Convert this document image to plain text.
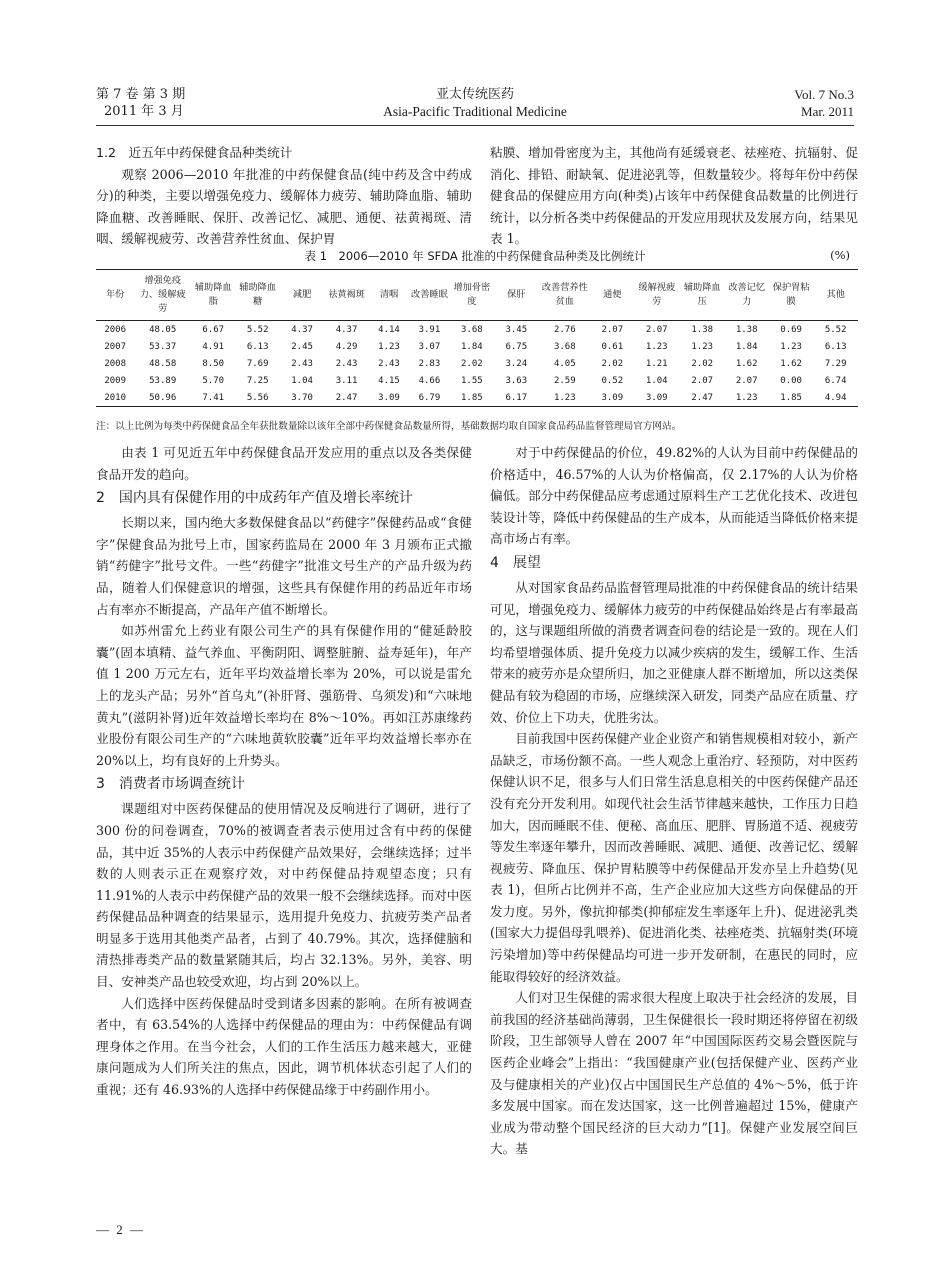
第 7 卷 第 3 期
2011 年 3 月
亚太传统医药
Asia-Pacific Traditional Medicine
Vol. 7 No.3
Mar. 2011
1.2　近五年中药保健食品种类统计

观察 2006—2010 年批准的中药保健食品(纯中药及含中药成分)的种类，主要以增强免疫力、缓解体力疲劳、辅助降血脂、辅助降血糖、改善睡眠、保肝、改善记忆、减肥、通便、祛黄褐斑、清咽、缓解视疲劳、改善营养性贫血、保护胃

粘膜、增加骨密度为主，其他尚有延缓衰老、祛痤疮、抗辐射、促消化、排铅、耐缺氧、促进泌乳等，但数量较少。将每年份中药保健食品的保健应用方向(种类)占该年中药保健食品数量的比例进行统计，以分析各类中药保健品的开发应用现状及发展方向，结果见表 1。

表 1　2006—2010 年 SFDA 批准的中药保健食品种类及比例统计	(%)
年份	增强免疫力、缓解疲劳	辅助降血脂	辅助降血糖	减肥	祛黄褐斑	清咽	改善睡眠	增加骨密度	保肝	改善营养性贫血	通便	缓解视疲劳	辅助降血压	改善记忆力	保护胃粘膜	其他
2006	48.05	6.67	5.52	4.37	4.37	4.14	3.91	3.68	3.45	2.76	2.07	2.07	1.38	1.38	0.69	5.52
2007	53.37	4.91	6.13	2.45	4.29	1.23	3.07	1.84	6.75	3.68	0.61	1.23	1.23	1.84	1.23	6.13
2008	48.58	8.50	7.69	2.43	2.43	2.43	2.83	2.02	3.24	4.05	2.02	1.21	2.02	1.62	1.62	7.29
2009	53.89	5.70	7.25	1.04	3.11	4.15	4.66	1.55	3.63	2.59	0.52	1.04	2.07	2.07	0.00	6.74
2010	50.96	7.41	5.56	3.70	2.47	3.09	6.79	1.85	6.17	1.23	3.09	3.09	2.47	1.23	1.85	4.94
注：以上比例为每类中药保健食品全年获批数量除以该年全部中药保健食品数量所得，基础数据均取自国家食品药品监督管理局官方网站。

由表 1 可见近五年中药保健食品开发应用的重点以及各类保健食品开发的趋向。

2　国内具有保健作用的中成药年产值及增长率统计

长期以来，国内绝大多数保健食品以“药健字”保健药品或“食健字”保健食品为批号上市，国家药监局在 2000 年 3 月颁布正式撤销“药健字”批号文件。一些“药健字”批准文号生产的产品升级为药品，随着人们保健意识的增强，这些具有保健作用的药品近年市场占有率亦不断提高，产品年产值不断增长。

如苏州雷允上药业有限公司生产的具有保健作用的“健延龄胶囊”(固本填精、益气养血、平衡阴阳、调整脏腑、益寿延年)，年产值 1 200 万元左右，近年平均效益增长率为 20%，可以说是雷允上的龙头产品；另外“首乌丸”(补肝肾、强筋骨、乌须发)和“六味地黄丸”(滋阴补肾)近年效益增长率均在 8%～10%。再如江苏康缘药业股份有限公司生产的“六味地黄软胶囊”近年平均效益增长率亦在 20%以上，均有良好的上升势头。

3　消费者市场调查统计

课题组对中医药保健品的使用情况及反响进行了调研，进行了 300 份的问卷调查，70%的被调查者表示使用过含有中药的保健品，其中近 35%的人表示中药保健产品效果好，会继续选择；过半数的人则表示正在观察疗效，对中药保健品持观望态度；只有 11.91%的人表示中药保健产品的效果一般不会继续选择。而对中医药保健品品种调查的结果显示，选用提升免疫力、抗疲劳类产品者明显多于选用其他类产品者，占到了 40.79%。其次，选择健脑和清热排毒类产品的数量紧随其后，均占 32.13%。另外，美容、明目、安神类产品也较受欢迎，均占到 20%以上。

人们选择中医药保健品时受到诸多因素的影响。在所有被调查者中，有 63.54%的人选择中药保健品的理由为：中药保健品有调理身体之作用。在当今社会，人们的工作生活压力越来越大，亚健康问题成为人们所关注的焦点，因此，调节机体状态引起了人们的重视；还有 46.93%的人选择中药保健品缘于中药副作用小。

对于中药保健品的价位，49.82%的人认为目前中药保健品的价格适中，46.57%的人认为价格偏高，仅 2.17%的人认为价格偏低。部分中药保健品应考虑通过原料生产工艺优化技术、改进包装设计等，降低中药保健品的生产成本，从而能适当降低价格来提高市场占有率。

4　展望

从对国家食品药品监督管理局批准的中药保健食品的统计结果可见，增强免疫力、缓解体力疲劳的中药保健品始终是占有率最高的，这与课题组所做的消费者调查问卷的结论是一致的。现在人们均希望增强体质、提升免疫力以减少疾病的发生，缓解工作、生活带来的疲劳亦是众望所归，加之亚健康人群不断增加，所以这类保健品有较为稳固的市场，应继续深入研发，同类产品应在质量、疗效、价位上下功夫，优胜劣汰。

目前我国中医药保健产业企业资产和销售规模相对较小，新产品缺乏，市场份额不高。一些人观念上重治疗、轻预防，对中医药保健认识不足，很多与人们日常生活息息相关的中医药保健产品还没有充分开发利用。如现代社会生活节律越来越快，工作压力日趋加大，因而睡眠不佳、便秘、高血压、肥胖、胃肠道不适、视疲劳等发生率逐年攀升，因而改善睡眠、减肥、通便、改善记忆、缓解视疲劳、降血压、保护胃粘膜等中药保健品开发亦呈上升趋势(见表 1)，但所占比例并不高，生产企业应加大这些方向保健品的开发力度。另外，像抗抑郁类(抑郁症发生率逐年上升)、促进泌乳类(国家大力提倡母乳喂养)、促进消化类、祛痤疮类、抗辐射类(环境污染增加)等中药保健品均可进一步开发研制，在惠民的同时，应能取得较好的经济效益。

人们对卫生保健的需求很大程度上取决于社会经济的发展，目前我国的经济基础尚薄弱，卫生保健很长一段时期还将停留在初级阶段，卫生部领导人曾在 2007 年“中国国际医药交易会暨医院与医药企业峰会”上指出：“我国健康产业(包括保健产业、医药产业及与健康相关的产业)仅占中国国民生产总值的 4%～5%，低于许多发展中国家。而在发达国家，这一比例普遍超过 15%，健康产业成为带动整个国民经济的巨大动力”[1]。保健产业发展空间巨大。基

— 2 —
